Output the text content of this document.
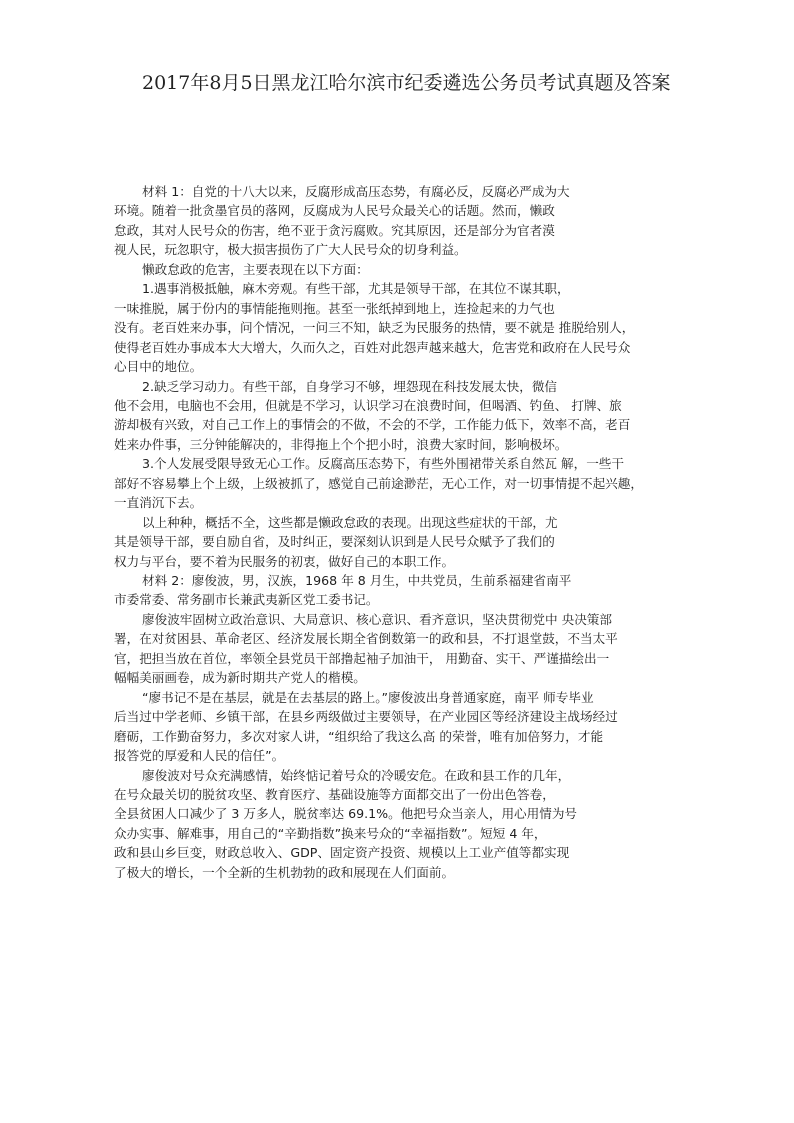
2017年8月5日黑龙江哈尔滨市纪委遴选公务员考试真题及答案
材料 1：自党的十八大以来，反腐形成高压态势，有腐必反，反腐必严成为大
环境。随着一批贪墨官员的落网，反腐成为人民号众最关心的话题。然而，懒政
怠政，其对人民号众的伤害，绝不亚于贪污腐败。究其原因，还是部分为官者漠
视人民，玩忽职守，极大损害损伤了广大人民号众的切身利益。
懒政怠政的危害，主要表现在以下方面：
1.遇事消极抵触，麻木旁观。有些干部，尤其是领导干部，在其位不谋其职，
一味推脱，属于份内的事情能拖则拖。甚至一张纸掉到地上，连捡起来的力气也
没有。老百姓来办事，问个情况，一问三不知，缺乏为民服务的热情，要不就是 推脱给别人，
使得老百姓办事成本大大增大，久而久之，百姓对此怨声越来越大，危害党和政府在人民号众
心目中的地位。
2.缺乏学习动力。有些干部，自身学习不够，埋怨现在科技发展太快，微信
他不会用，电脑也不会用，但就是不学习，认识学习在浪费时间，但喝酒、钓鱼、 打牌、旅
游却极有兴致，对自己工作上的事情会的不做，不会的不学，工作能力低下，效率不高，老百
姓来办件事，三分钟能解决的，非得拖上个个把小时，浪费大家时间，影响极坏。
3.个人发展受限导致无心工作。反腐高压态势下，有些外围裙带关系自然瓦 解，一些干
部好不容易攀上个上级，上级被抓了，感觉自己前途渺茫，无心工作，对一切事情提不起兴趣，
一直消沉下去。
以上种种，概括不全，这些都是懒政怠政的表现。出现这些症状的干部，尤
其是领导干部，要自励自省，及时纠正，要深刻认识到是人民号众赋予了我们的
权力与平台，要不着为民服务的初衷，做好自己的本职工作。
材料 2：廖俊波，男，汉族，1968 年 8 月生，中共党员，生前系福建省南平
市委常委、常务副市长兼武夷新区党工委书记。
廖俊波牢固树立政治意识、大局意识、核心意识、看齐意识，坚决贯彻党中 央决策部
署，在对贫困县、革命老区、经济发展长期全省倒数第一的政和县，不打退堂鼓，不当太平
官，把担当放在首位，率领全县党员干部撸起袖子加油干， 用勤奋、实干、严谨描绘出一
幅幅美丽画卷，成为新时期共产党人的楷模。
“廖书记不是在基层，就是在去基层的路上。”廖俊波出身普通家庭，南平 师专毕业
后当过中学老师、乡镇干部，在县乡两级做过主要领导，在产业园区等经济建设主战场经过
磨砺，工作勤奋努力，多次对家人讲，“组织给了我这么高 的荣誉，唯有加倍努力，才能
报答党的厚爱和人民的信任”。
廖俊波对号众充满感情，始终惦记着号众的冷暖安危。在政和县工作的几年，
在号众最关切的脱贫攻坚、教育医疗、基础设施等方面都交出了一份出色答卷，
全县贫困人口减少了 3 万多人，脱贫率达 69.1%。他把号众当亲人，用心用情为号
众办实事、解难事，用自己的“辛勤指数”换来号众的“幸福指数”。短短 4 年，
政和县山乡巨变，财政总收入、GDP、固定资产投资、规模以上工业产值等都实现
了极大的增长，一个全新的生机勃勃的政和展现在人们面前。
